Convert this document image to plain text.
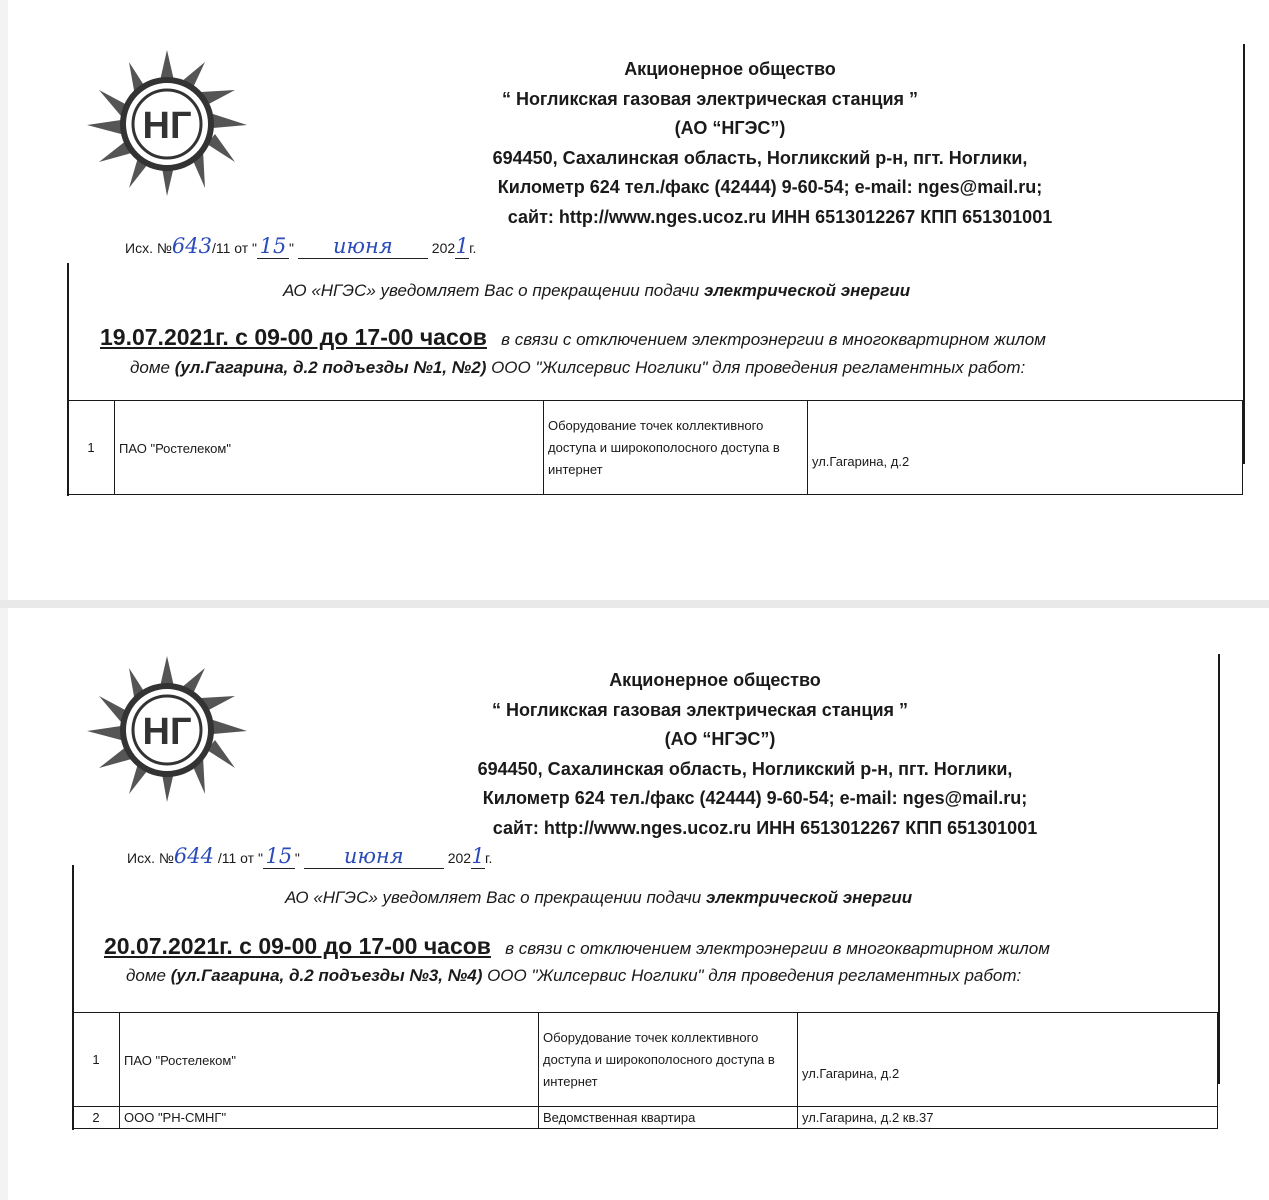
НГ
Акционерное общество
“ Ногликская газовая электрическая станция ”
(АО “НГЭС”)
694450, Сахалинская область, Ногликский р-н, пгт. Ноглики,
Километр 624 тел./факс (42444) 9-60-54; e-mail: nges@mail.ru;
сайт: http://www.nges.ucoz.ru ИНН 6513012267 КПП 651301001
Исх. №643/11 от " 15 " июня	2021г.
АО «НГЭС» уведомляет Вас о прекращении подачи электрической энергии
19.07.2021г. с 09-00 до 17-00 часов в связи с отключением электроэнергии в многоквартирном жилом
доме (ул.Гагарина, д.2 подъезды №1, №2) ООО "Жилсервис Ноглики" для проведения регламентных работ:
1	ПАО "Ростелеком"	Оборудование точек коллективного доступа и широкополосного доступа в интернет	ул.Гагарина, д.2
НГ
Акционерное общество
“ Ногликская газовая электрическая станция ”
(АО “НГЭС”)
694450, Сахалинская область, Ногликский р-н, пгт. Ноглики,
Километр 624 тел./факс (42444) 9-60-54; e-mail: nges@mail.ru;
сайт: http://www.nges.ucoz.ru ИНН 6513012267 КПП 651301001
Исх. №644 /11 от " 15 " июня	2021г.
АО «НГЭС» уведомляет Вас о прекращении подачи электрической энергии
20.07.2021г. с 09-00 до 17-00 часов в связи с отключением электроэнергии в многоквартирном жилом
доме (ул.Гагарина, д.2 подъезды №3, №4) ООО "Жилсервис Ноглики" для проведения регламентных работ:
1	ПАО "Ростелеком"	Оборудование точек коллективного доступа и широкополосного доступа в интернет	ул.Гагарина, д.2
2	ООО "РН-СМНГ"	Ведомственная квартира	ул.Гагарина, д.2 кв.37
